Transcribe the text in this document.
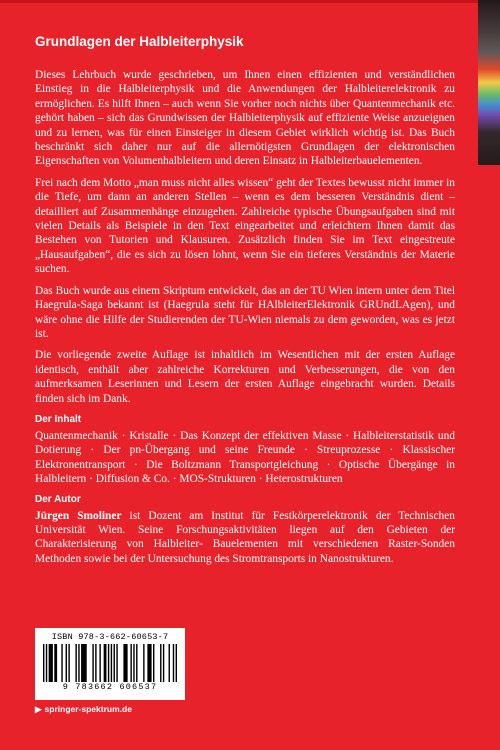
Grundlagen der Halbleiterphysik

Dieses Lehrbuch wurde geschrieben, um Ihnen einen effizienten und verständlichen Einstieg in die Halbleiterphysik und die Anwendungen der Halbleiterelektronik zu ermöglichen. Es hilft Ihnen – auch wenn Sie vorher noch nichts über Quantenmechanik etc. gehört haben – sich das Grundwissen der Halbleiterphysik auf effiziente Weise anzueignen und zu lernen, was für einen Einsteiger in diesem Gebiet wirklich wichtig ist. Das Buch beschränkt sich daher nur auf die allernötigsten Grundlagen der elektronischen Eigenschaften von Volumenhalbleitern und deren Einsatz in Halbleiterbauelementen.

Frei nach dem Motto „man muss nicht alles wissen“ geht der Textes bewusst nicht immer in die Tiefe, um dann an anderen Stellen – wenn es dem besseren Verständnis dient – detailliert auf Zusammenhänge einzugehen. Zahlreiche typische Übungsaufgaben sind mit vielen Details als Beispiele in den Text eingearbeitet und erleichtern Ihnen damit das Bestehen von Tutorien und Klausuren. Zusätzlich finden Sie im Text eingestreute „Hausaufgaben“, die es sich zu lösen lohnt, wenn Sie ein tieferes Verständnis der Materie suchen.

Das Buch wurde aus einem Skriptum entwickelt, das an der TU Wien intern unter dem Titel Haegrula-Saga bekannt ist (Haegrula steht für HAlbleiterElektronik GRUndLAgen), und wäre ohne die Hilfe der Studierenden der TU-Wien niemals zu dem geworden, was es jetzt ist.

Die vorliegende zweite Auflage ist inhaltlich im Wesentlichen mit der ersten Auflage identisch, enthält aber zahlreiche Korrekturen und Verbesserungen, die von den aufmerksamen Leserinnen und Lesern der ersten Auflage eingebracht wurden. Details finden sich im Dank.

Der Inhalt

Quantenmechanik · Kristalle · Das Konzept der effektiven Masse · Halbleiterstatistik und Dotierung · Der pn-Übergang und seine Freunde · Streuprozesse · Klassischer Elektronentransport · Die Boltzmann Transportgleichung · Optische Übergänge in Halbleitern · Diffusion & Co. · MOS-Strukturen · Heterostrukturen

Der Autor

Jürgen Smoliner ist Dozent am Institut für Festkörperelektronik der Technischen Universität Wien. Seine Forschungsaktivitäten liegen auf den Gebieten der Charakterisierung von Halbleiter- Bauelementen mit verschiedenen Raster-Sonden Methoden sowie bei der Untersuchung des Stromtransports in Nanostrukturen.

ISBN 978-3-662-60653-7
9 783662 606537
▶ springer-spektrum.de
